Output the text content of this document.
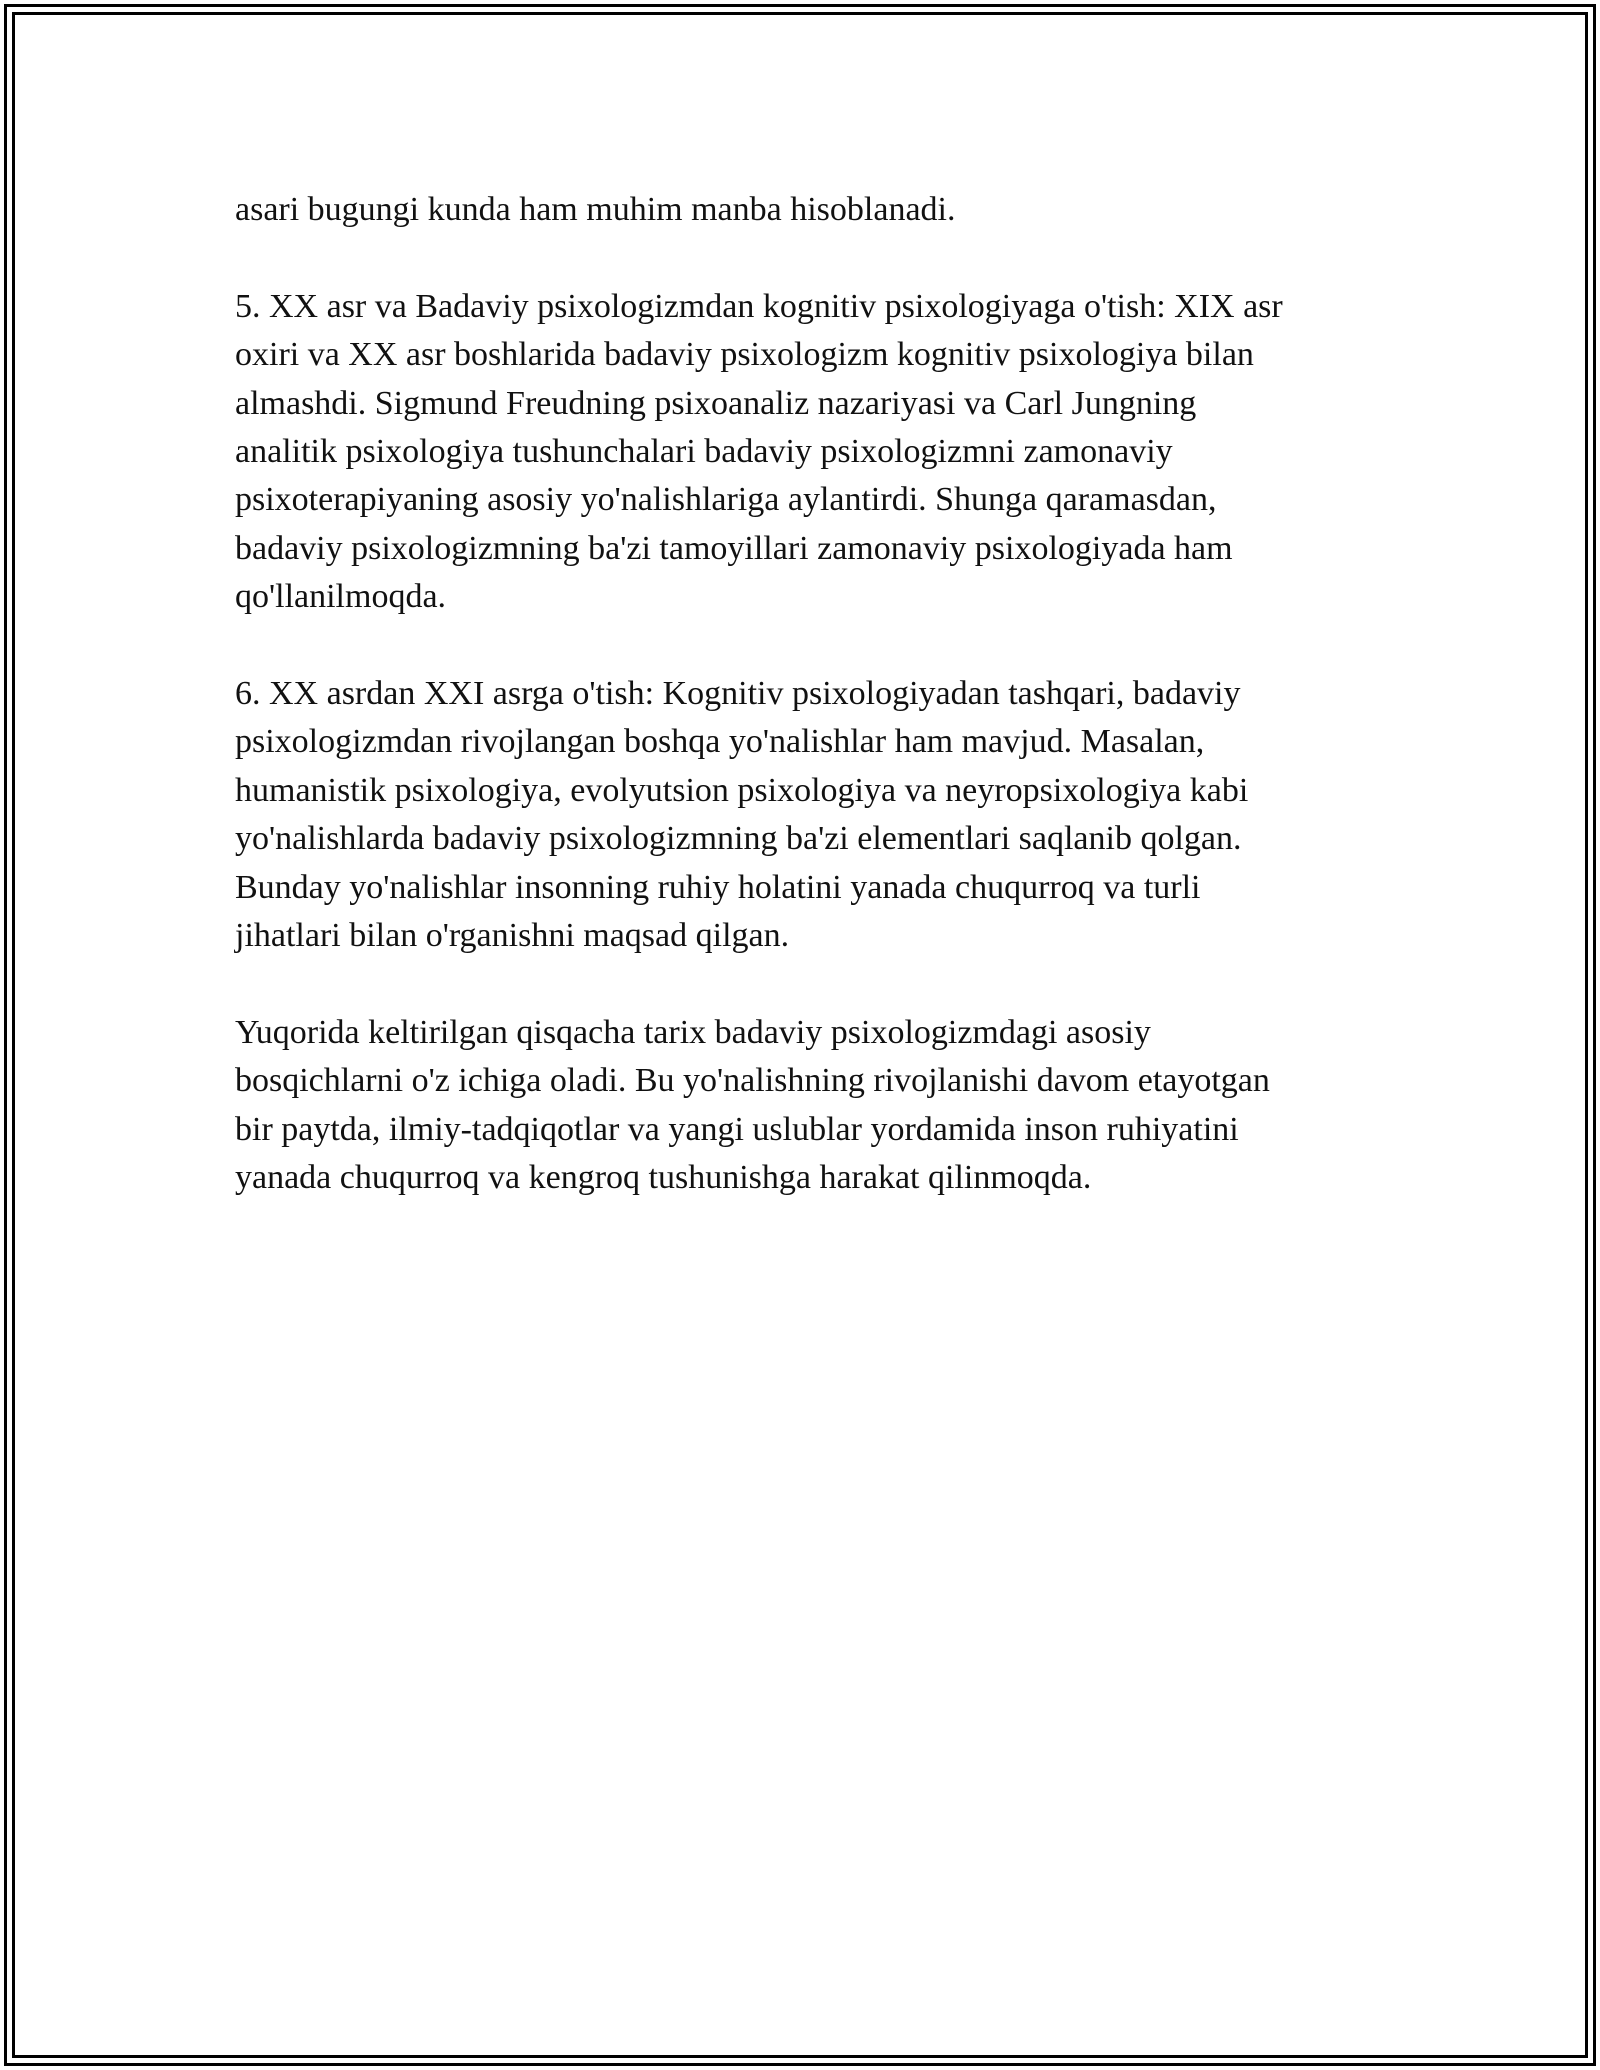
asari bugungi kunda ham muhim manba hisoblanadi.
5. XX asr va Badaviy psixologizmdan kognitiv psixologiyaga o'tish: XIX asr
oxiri va XX asr boshlarida badaviy psixologizm kognitiv psixologiya bilan
almashdi. Sigmund Freudning psixoanaliz nazariyasi va Carl Jungning
analitik psixologiya tushunchalari badaviy psixologizmni zamonaviy
psixoterapiyaning asosiy yo'nalishlariga aylantirdi. Shunga qaramasdan,
badaviy psixologizmning ba'zi tamoyillari zamonaviy psixologiyada ham
qo'llanilmoqda.
6. XX asrdan XXI asrga o'tish: Kognitiv psixologiyadan tashqari, badaviy
psixologizmdan rivojlangan boshqa yo'nalishlar ham mavjud. Masalan,
humanistik psixologiya, evolyutsion psixologiya va neyropsixologiya kabi
yo'nalishlarda badaviy psixologizmning ba'zi elementlari saqlanib qolgan.
Bunday yo'nalishlar insonning ruhiy holatini yanada chuqurroq va turli
jihatlari bilan o'rganishni maqsad qilgan.
Yuqorida keltirilgan qisqacha tarix badaviy psixologizmdagi asosiy
bosqichlarni o'z ichiga oladi. Bu yo'nalishning rivojlanishi davom etayotgan
bir paytda, ilmiy-tadqiqotlar va yangi uslublar yordamida inson ruhiyatini
yanada chuqurroq va kengroq tushunishga harakat qilinmoqda.
